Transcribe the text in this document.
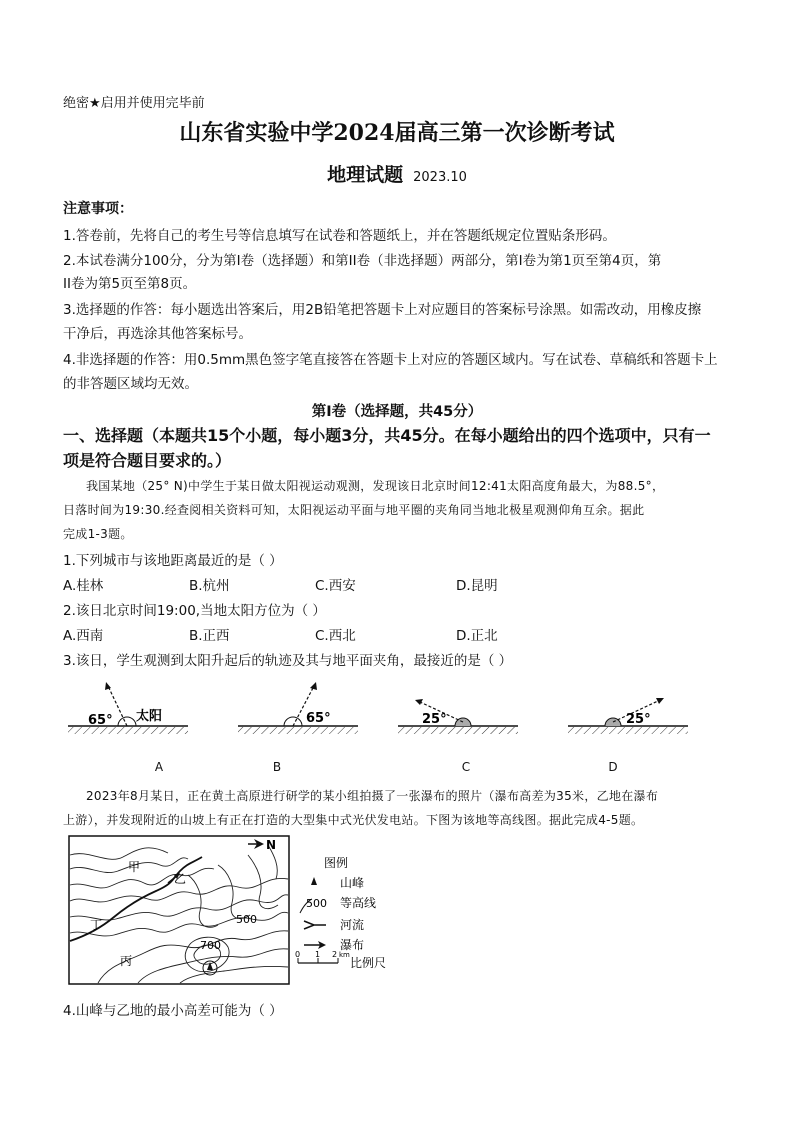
绝密★启用并使用完毕前
山东省实验中学2024届高三第一次诊断考试
地理试题 2023.10
注意事项：
1.答卷前，先将自己的考生号等信息填写在试卷和答题纸上，并在答题纸规定位置贴条形码。
2.本试卷满分100分，分为第I卷（选择题）和第II卷（非选择题）两部分，第I卷为第1页至第4页，第
II卷为第5页至第8页。
3.选择题的作答：每小题选出答案后，用2B铅笔把答题卡上对应题目的答案标号涂黑。如需改动，用橡皮擦
干净后，再选涂其他答案标号。
4.非选择题的作答：用0.5mm黑色签字笔直接答在答题卡上对应的答题区域内。写在试卷、草稿纸和答题卡上
的非答题区域均无效。
第I卷（选择题，共45分）
一、选择题（本题共15个小题，每小题3分，共45分。在每小题给出的四个选项中，只有一
项是符合题目要求的。）
我国某地（25° N)中学生于某日做太阳视运动观测，发现该日北京时间12:41太阳高度角最大，为88.5°，
日落时间为19:30.经查阅相关资料可知，太阳视运动平面与地平圈的夹角同当地北极星观测仰角互余。据此
完成1-3题。
1.下列城市与该地距离最近的是（ ）
A.桂林	B.杭州	C.西安	D.昆明
2.该日北京时间19:00,当地太阳方位为（ ）
A.西南	B.正西	C.西北	D.正北
3.该日，学生观测到太阳升起后的轨迹及其与地平面夹角，最接近的是（ ）
65° 太阳	65°	25°	25°
A	B	C	D
2023年8月某日，正在黄土高原进行研学的某小组拍摄了一张瀑布的照片（瀑布高差为35米，乙地在瀑布
上游），并发现附近的山坡上有正在打造的大型集中式光伏发电站。下图为该地等高线图。据此完成4-5题。
N
甲
乙
丁
丙
500
700
图例
山峰
500 等高线
河流
瀑布
0 1 2 km
比例尺
4.山峰与乙地的最小高差可能为（ ）
